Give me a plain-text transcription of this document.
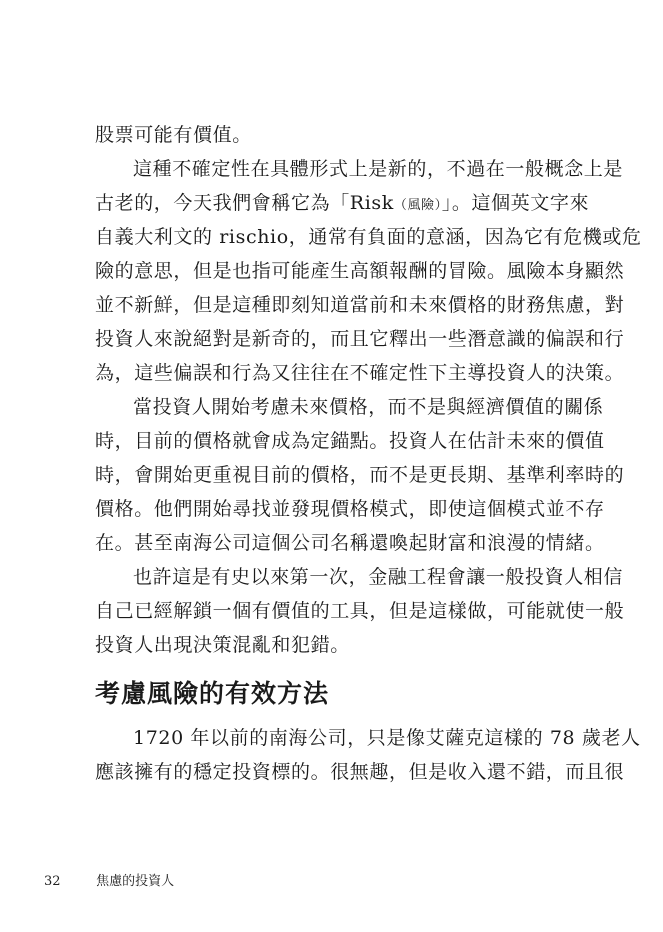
股票可能有價值。
這種不確定性在具體形式上是新的，不過在一般概念上是
古老的，今天我們會稱它為「Risk（風險）」。這個英文字來
自義大利文的 rischio，通常有負面的意涵，因為它有危機或危
險的意思，但是也指可能產生高額報酬的冒險。風險本身顯然
並不新鮮，但是這種即刻知道當前和未來價格的財務焦慮，對
投資人來說絕對是新奇的，而且它釋出一些潛意識的偏誤和行
為，這些偏誤和行為又往往在不確定性下主導投資人的決策。
當投資人開始考慮未來價格，而不是與經濟價值的關係
時，目前的價格就會成為定錨點。投資人在估計未來的價值
時，會開始更重視目前的價格，而不是更長期、基準利率時的
價格。他們開始尋找並發現價格模式，即使這個模式並不存
在。甚至南海公司這個公司名稱還喚起財富和浪漫的情緒。
也許這是有史以來第一次，金融工程會讓一般投資人相信
自己已經解鎖一個有價值的工具，但是這樣做，可能就使一般
投資人出現決策混亂和犯錯。
考慮風險的有效方法
1720 年以前的南海公司，只是像艾薩克這樣的 78 歲老人
應該擁有的穩定投資標的。很無趣，但是收入還不錯，而且很
32	焦慮的投資人
